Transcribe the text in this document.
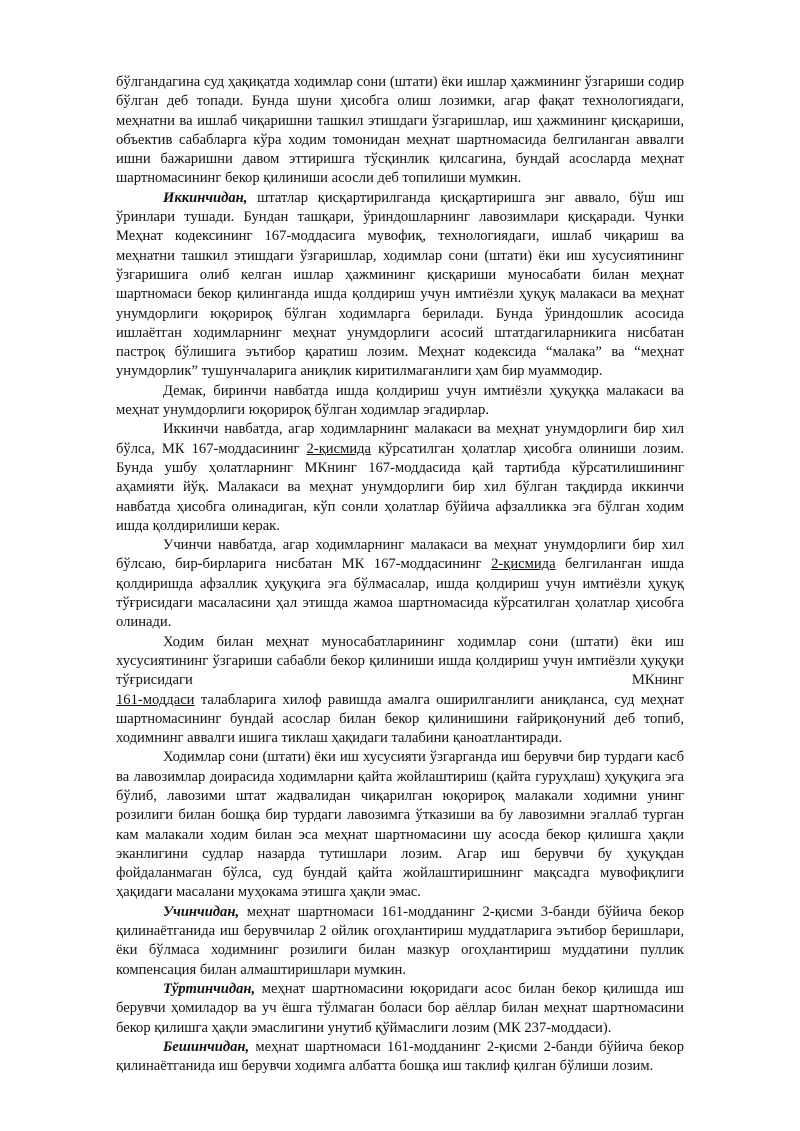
бўлгандагина суд ҳақиқатда ходимлар сони (штати) ёки ишлар ҳажмининг ўзгариши содир бўлган деб топади. Бунда шуни ҳисобга олиш лозимки, агар фақат технологиядаги, меҳнатни ва ишлаб чиқаришни ташкил этишдаги ўзгаришлар, иш ҳажмининг қисқариши, объектив сабабларга кўра ходим томонидан меҳнат шартномасида белгиланган аввалги ишни бажаришни давом эттиришга тўсқинлик қилсагина, бундай асосларда меҳнат шартномасининг бекор қилиниши асосли деб топилиши мумкин.

Иккинчидан, штатлар қисқартирилганда қисқартиришга энг аввало, бўш иш ўринлари тушади. Бундан ташқари, ўриндошларнинг лавозимлари қисқаради. Чунки Меҳнат кодексининг 167-моддасига мувофиқ, технологиядаги, ишлаб чиқариш ва меҳнатни ташкил этишдаги ўзгаришлар, ходимлар сони (штати) ёки иш хусусиятининг ўзгаришига олиб келган ишлар ҳажмининг қисқариши муносабати билан меҳнат шартномаси бекор қилинганда ишда қолдириш учун имтиёзли ҳуқуқ малакаси ва меҳнат унумдорлиги юқорироқ бўлган ходимларга берилади. Бунда ўриндошлик асосида ишлаётган ходимларнинг меҳнат унумдорлиги асосий штатдагиларникига нисбатан пастроқ бўлишига эътибор қаратиш лозим. Меҳнат кодексида “малака” ва “меҳнат унумдорлик” тушунчаларига аниқлик киритилмаганлиги ҳам бир муаммодир.

Демак, биринчи навбатда ишда қолдириш учун имтиёзли ҳуқуққа малакаси ва меҳнат унумдорлиги юқорироқ бўлган ходимлар эгадирлар.

Иккинчи навбатда, агар ходимларнинг малакаси ва меҳнат унумдорлиги бир хил бўлса, МК 167-моддасининг 2-қисмида кўрсатилган ҳолатлар ҳисобга олиниши лозим. Бунда ушбу ҳолатларнинг МКнинг 167-моддасида қай тартибда кўрсатилишининг аҳамияти йўқ. Малакаси ва меҳнат унумдорлиги бир хил бўлган тақдирда иккинчи навбатда ҳисобга олинадиган, кўп сонли ҳолатлар бўйича афзалликка эга бўлган ходим ишда қолдирилиши керак.

Учинчи навбатда, агар ходимларнинг малакаси ва меҳнат унумдорлиги бир хил бўлсаю, бир-бирларига нисбатан МК 167-моддасининг 2-қисмида белгиланган ишда қолдиришда афзаллик ҳуқуқига эга бўлмасалар, ишда қолдириш учун имтиёзли ҳуқуқ тўғрисидаги масаласини ҳал этишда жамоа шартномасида кўрсатилган ҳолатлар ҳисобга олинади.

Ходим билан меҳнат муносабатларининг ходимлар сони (штати) ёки иш хусусиятининг ўзгариши сабабли бекор қилиниши ишда қолдириш учун имтиёзли ҳуқуқи

тўғрисидаги	МКнинг

161-моддаси талабларига хилоф равишда амалга оширилганлиги аниқланса, суд меҳнат шартномасининг бундай асослар билан бекор қилинишини ғайриқонуний деб топиб, ходимнинг аввалги ишига тиклаш ҳақидаги талабини қаноатлантиради.

Ходимлар сони (штати) ёки иш хусусияти ўзгарганда иш берувчи бир турдаги касб ва лавозимлар доирасида ходимларни қайта жойлаштириш (қайта гуруҳлаш) ҳуқуқига эга бўлиб, лавозими штат жадвалидан чиқарилган юқорироқ малакали ходимни унинг розилиги билан бошқа бир турдаги лавозимга ўтказиши ва бу лавозимни эгаллаб турган кам малакали ходим билан эса меҳнат шартномасини шу асосда бекор қилишга ҳақли эканлигини судлар назарда тутишлари лозим. Агар иш берувчи бу ҳуқуқдан фойдаланмаган бўлса, суд бундай қайта жойлаштиришнинг мақсадга мувофиқлиги ҳақидаги масалани муҳокама этишга ҳақли эмас.

Учинчидан, меҳнат шартномаси 161-модданинг 2-қисми 3-банди бўйича бекор қилинаётганида иш берувчилар 2 ойлик огоҳлантириш муддатларига эътибор беришлари, ёки бўлмаса ходимнинг розилиги билан мазкур огоҳлантириш муддатини пуллик компенсация билан алмаштиришлари мумкин.

Тўртинчидан, меҳнат шартномасини юқоридаги асос билан бекор қилишда иш берувчи ҳомиладор ва уч ёшга тўлмаган боласи бор аёллар билан меҳнат шартномасини бекор қилишга ҳақли эмаслигини унутиб қўймаслиги лозим (МК 237-моддаси).

Бешинчидан, меҳнат шартномаси 161-модданинг 2-қисми 2-банди бўйича бекор қилинаётганида иш берувчи ходимга албатта бошқа иш таклиф қилган бўлиши лозим.
